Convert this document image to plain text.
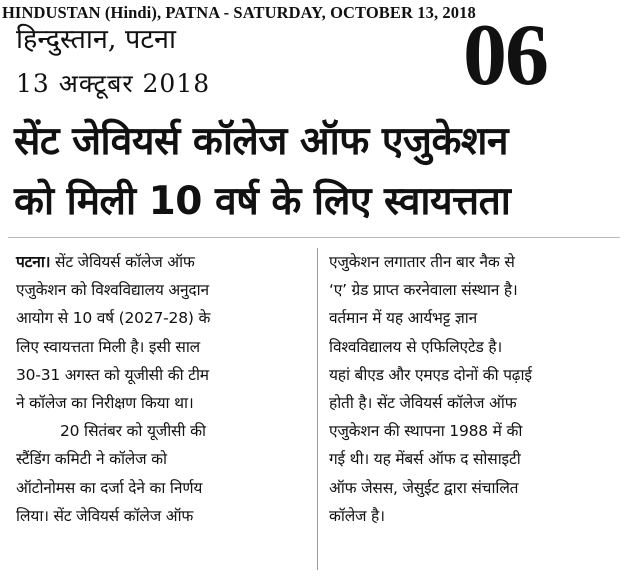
HINDUSTAN (Hindi), PATNA - SATURDAY, OCTOBER 13, 2018
हिन्दुस्तान, पटना
13 अक्टूबर 2018	06
सेंट जेवियर्स कॉलेज ऑफ एजुकेशन
को मिली 10 वर्ष के लिए स्वायत्तता
पटना। सेंट जेवियर्स कॉलेज ऑफ
एजुकेशन को विश्वविद्यालय अनुदान
आयोग से 10 वर्ष (2027-28) के
लिए स्वायत्तता मिली है। इसी साल
30-31 अगस्त को यूजीसी की टीम
ने कॉलेज का निरीक्षण किया था।
20 सितंबर को यूजीसी की
स्टैंडिंग कमिटी ने कॉलेज को
ऑटोनोमस का दर्जा देने का निर्णय
लिया। सेंट जेवियर्स कॉलेज ऑफ
एजुकेशन लगातार तीन बार नैक से
‘ए’ ग्रेड प्राप्त करनेवाला संस्थान है।
वर्तमान में यह आर्यभट्ट ज्ञान
विश्वविद्यालय से एफिलिएटेड है।
यहां बीएड और एमएड दोनों की पढ़ाई
होती है। सेंट जेवियर्स कॉलेज ऑफ
एजुकेशन की स्थापना 1988 में की
गई थी। यह मेंबर्स ऑफ द सोसाइटी
ऑफ जेसस, जेसुईट द्वारा संचालित
कॉलेज है।
